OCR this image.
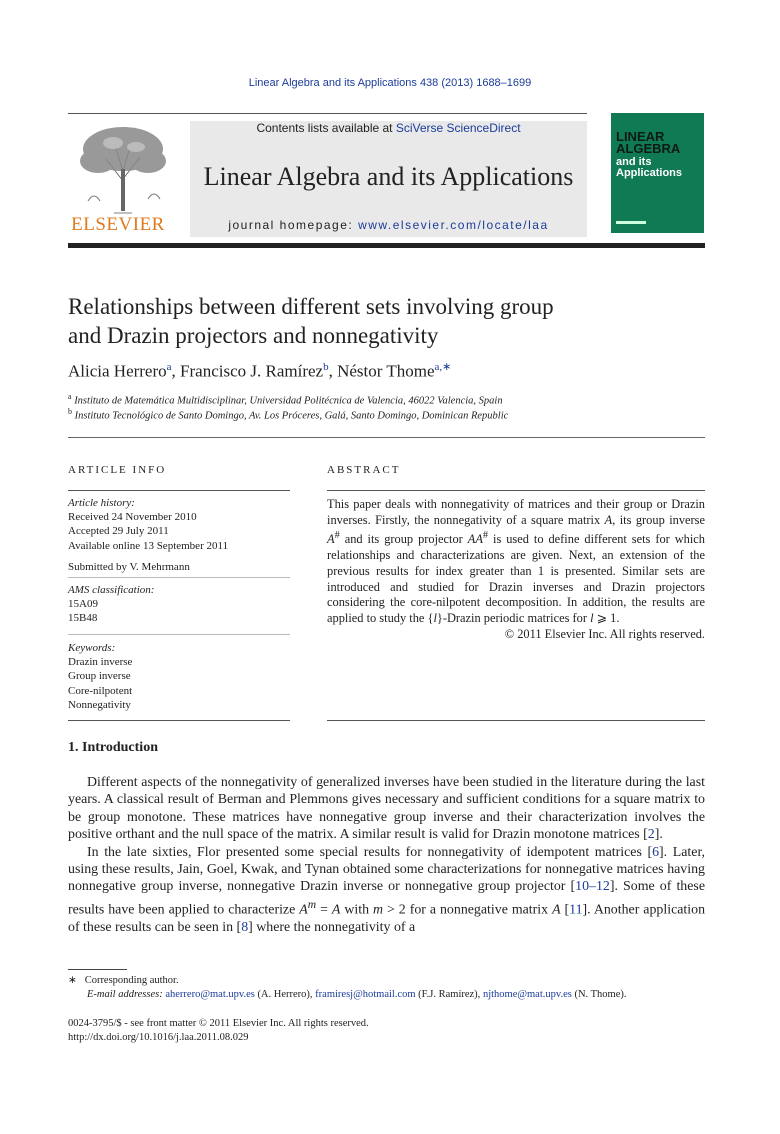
Linear Algebra and its Applications 438 (2013) 1688–1699
ELSEVIER
Contents lists available at SciVerse ScienceDirect
Linear Algebra and its Applications
journal homepage: www.elsevier.com/locate/laa
LINEAR
ALGEBRA
and its
Applications
Relationships between different sets involving group
and Drazin projectors and nonnegativity
Alicia Herrero$^a$, Francisco J. Ramírez$^b$, Néstor Thome$^{a,∗}$
$^a$ Instituto de Matemática Multidisciplinar, Universidad Politécnica de Valencia, 46022 Valencia, Spain
$^b$ Instituto Tecnológico de Santo Domingo, Av. Los Próceres, Galá, Santo Domingo, Dominican Republic
ARTICLE INFO
Article history:
Received 24 November 2010
Accepted 29 July 2011
Available online 13 September 2011
Submitted by V. Mehrmann
AMS classification:
15A09
15B48
Keywords:
Drazin inverse
Group inverse
Core-nilpotent
Nonnegativity
ABSTRACT
This paper deals with nonnegativity of matrices and their group or Drazin inverses. Firstly, the nonnegativity of a square matrix A, its group inverse A# and its group projector AA# is used to define different sets for which relationships and characterizations are given. Next, an extension of the previous results for index greater than 1 is presented. Similar sets are introduced and studied for Drazin inverses and Drazin projectors considering the core-nilpotent decomposition. In addition, the results are applied to study the {l}-Drazin periodic matrices for l ⩾ 1.
© 2011 Elsevier Inc. All rights reserved.
1. Introduction

Different aspects of the nonnegativity of generalized inverses have been studied in the literature during the last years. A classical result of Berman and Plemmons gives necessary and sufficient conditions for a square matrix to be group monotone. These matrices have nonnegative group inverse and their characterization involves the positive orthant and the null space of the matrix. A similar result is valid for Drazin monotone matrices [2].

In the late sixties, Flor presented some special results for nonnegativity of idempotent matrices [6]. Later, using these results, Jain, Goel, Kwak, and Tynan obtained some characterizations for nonnegative matrices having nonnegative group inverse, nonnegative Drazin inverse or nonnegative group projector [10–12]. Some of these results have been applied to characterize $A^m = A$ with m > 2 for a nonnegative matrix A [11]. Another application of these results can be seen in [8] where the nonnegativity of a

∗ Corresponding author.
E-mail addresses: aherrero@mat.upv.es (A. Herrero), framiresj@hotmail.com (F.J. Ramírez), njthome@mat.upv.es (N. Thome).
0024-3795/$ - see front matter © 2011 Elsevier Inc. All rights reserved.
http://dx.doi.org/10.1016/j.laa.2011.08.029
